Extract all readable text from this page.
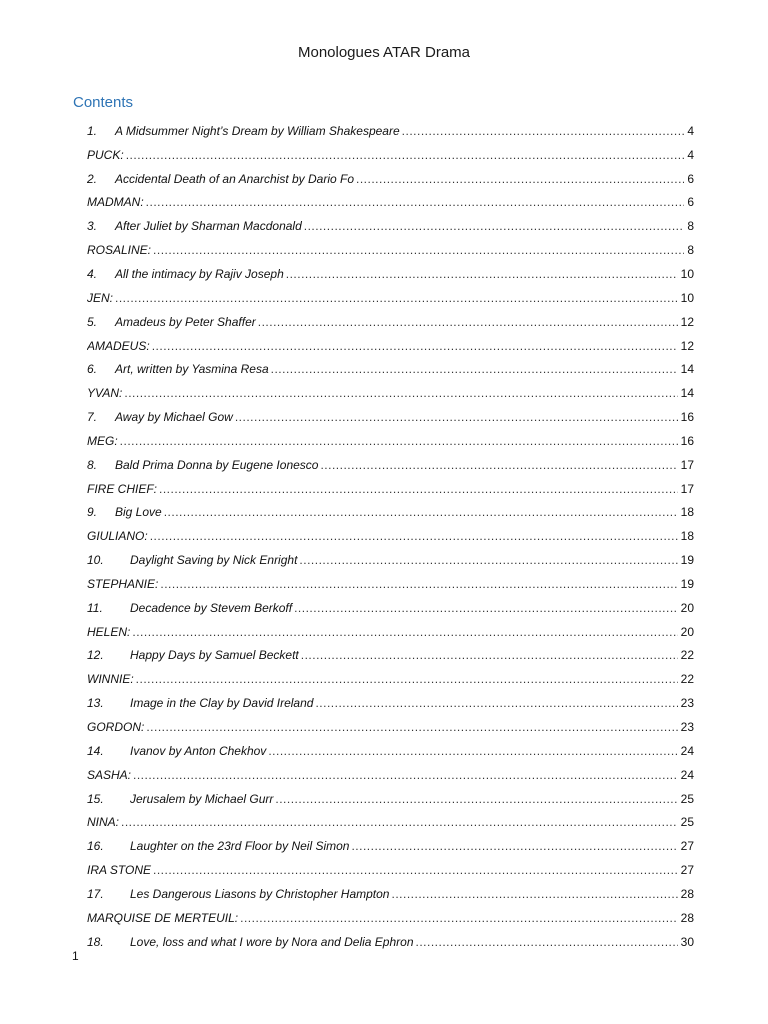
Monologues ATAR Drama
Contents
1.	A Midsummer Night’s Dream by William Shakespeare .....	4
PUCK: .....	4
2.	Accidental Death of an Anarchist by Dario Fo .....	6
MADMAN: .....	6
3.	After Juliet by Sharman Macdonald .....	8
ROSALINE: .....	8
4.	All the intimacy by Rajiv Joseph .....	10
JEN: .....	10
5.	Amadeus by Peter Shaffer .....	12
AMADEUS: .....	12
6.	Art, written by Yasmina Resa .....	14
YVAN: .....	14
7.	Away by Michael Gow .....	16
MEG: .....	16
8.	Bald Prima Donna by Eugene Ionesco .....	17
FIRE CHIEF: .....	17
9.	Big Love .....	18
GIULIANO: .....	18
10.	Daylight Saving by Nick Enright .....	19
STEPHANIE: .....	19
11.	Decadence by Stevem Berkoff .....	20
HELEN: .....	20
12.	Happy Days by Samuel Beckett .....	22
WINNIE: .....	22
13.	Image in the Clay by David Ireland .....	23
GORDON: .....	23
14.	Ivanov by Anton Chekhov .....	24
SASHA: .....	24
15.	Jerusalem by Michael Gurr .....	25
NINA: .....	25
16.	Laughter on the 23rd Floor by Neil Simon .....	27
IRA STONE .....	27
17.	Les Dangerous Liasons by Christopher Hampton .....	28
MARQUISE DE MERTEUIL: .....	28
18.	Love, loss and what I wore by Nora and Delia Ephron .....	30
1
